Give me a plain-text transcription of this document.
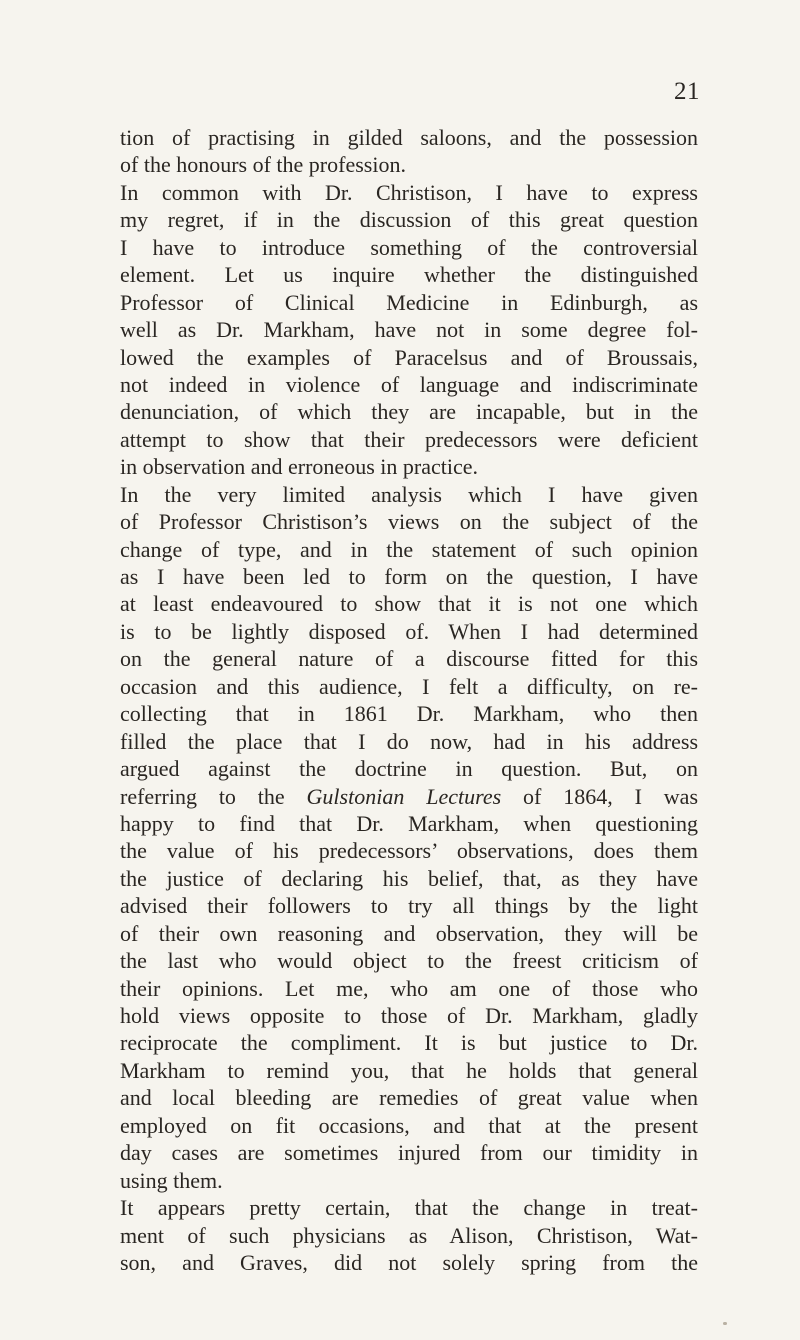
21
tion of practising in gilded saloons, and the possession
of the honours of the profession.
In common with Dr. Christison, I have to express
my regret, if in the discussion of this great question
I have to introduce something of the controversial
element. Let us inquire whether the distinguished
Professor of Clinical Medicine in Edinburgh, as
well as Dr. Markham, have not in some degree fol-
lowed the examples of Paracelsus and of Broussais,
not indeed in violence of language and indiscriminate
denunciation, of which they are incapable, but in the
attempt to show that their predecessors were deficient
in observation and erroneous in practice.
In the very limited analysis which I have given
of Professor Christison’s views on the subject of the
change of type, and in the statement of such opinion
as I have been led to form on the question, I have
at least endeavoured to show that it is not one which
is to be lightly disposed of. When I had determined
on the general nature of a discourse fitted for this
occasion and this audience, I felt a difficulty, on re-
collecting that in 1861 Dr. Markham, who then
filled the place that I do now, had in his address
argued against the doctrine in question. But, on
referring to the Gulstonian Lectures of 1864, I was
happy to find that Dr. Markham, when questioning
the value of his predecessors’ observations, does them
the justice of declaring his belief, that, as they have
advised their followers to try all things by the light
of their own reasoning and observation, they will be
the last who would object to the freest criticism of
their opinions. Let me, who am one of those who
hold views opposite to those of Dr. Markham, gladly
reciprocate the compliment. It is but justice to Dr.
Markham to remind you, that he holds that general
and local bleeding are remedies of great value when
employed on fit occasions, and that at the present
day cases are sometimes injured from our timidity in
using them.
It appears pretty certain, that the change in treat-
ment of such physicians as Alison, Christison, Wat-
son, and Graves, did not solely spring from the
